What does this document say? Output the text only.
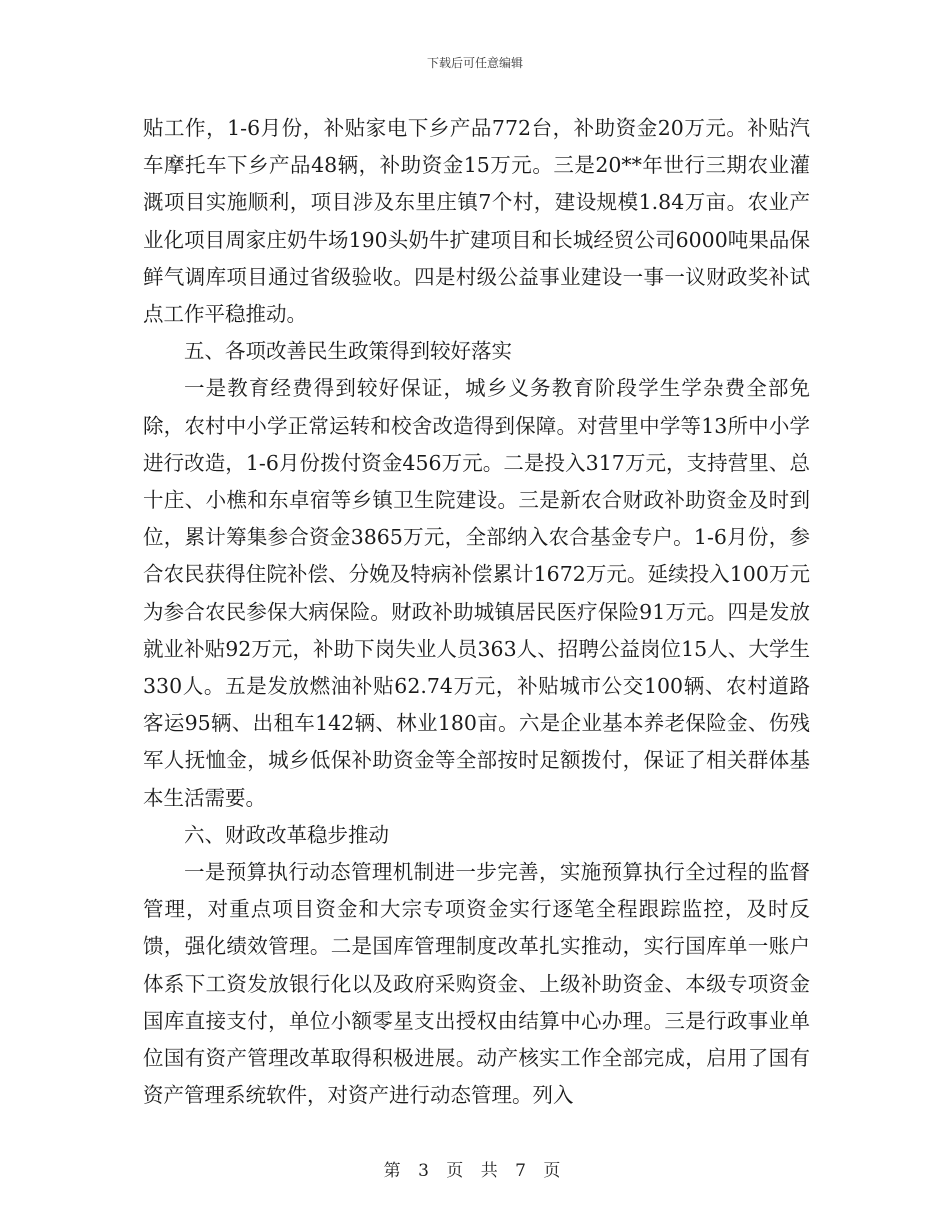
下载后可任意编辑

贴工作，1-6月份，补贴家电下乡产品772台，补助资金20万元。补贴汽车摩托车下乡产品48辆，补助资金15万元。三是20**年世行三期农业灌溉项目实施顺利，项目涉及东里庄镇7个村，建设规模1.84万亩。农业产业化项目周家庄奶牛场190头奶牛扩建项目和长城经贸公司6000吨果品保鲜气调库项目通过省级验收。四是村级公益事业建设一事一议财政奖补试点工作平稳推动。

五、各项改善民生政策得到较好落实

一是教育经费得到较好保证，城乡义务教育阶段学生学杂费全部免除，农村中小学正常运转和校舍改造得到保障。对营里中学等13所中小学进行改造，1-6月份拨付资金456万元。二是投入317万元，支持营里、总十庄、小樵和东卓宿等乡镇卫生院建设。三是新农合财政补助资金及时到位，累计筹集参合资金3865万元，全部纳入农合基金专户。1-6月份，参合农民获得住院补偿、分娩及特病补偿累计1672万元。延续投入100万元为参合农民参保大病保险。财政补助城镇居民医疗保险91万元。四是发放就业补贴92万元，补助下岗失业人员363人、招聘公益岗位15人、大学生330人。五是发放燃油补贴62.74万元，补贴城市公交100辆、农村道路客运95辆、出租车142辆、林业180亩。六是企业基本养老保险金、伤残军人抚恤金，城乡低保补助资金等全部按时足额拨付，保证了相关群体基本生活需要。

六、财政改革稳步推动

一是预算执行动态管理机制进一步完善，实施预算执行全过程的监督管理，对重点项目资金和大宗专项资金实行逐笔全程跟踪监控，及时反馈，强化绩效管理。二是国库管理制度改革扎实推动，实行国库单一账户体系下工资发放银行化以及政府采购资金、上级补助资金、本级专项资金国库直接支付，单位小额零星支出授权由结算中心办理。三是行政事业单位国有资产管理改革取得积极进展。动产核实工作全部完成，启用了国有资产管理系统软件，对资产进行动态管理。列入

第 3 页 共 7 页
